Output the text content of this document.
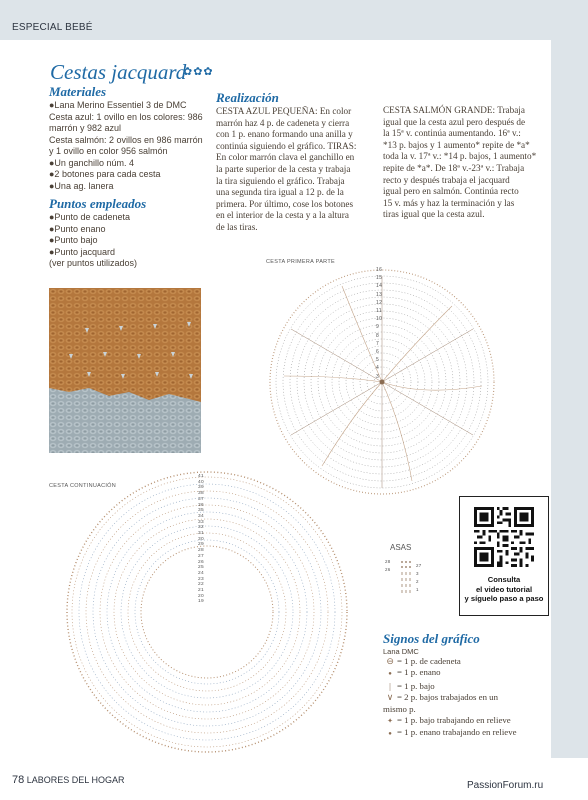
ESPECIAL BEBÉ
Cestas jacquard
✿✿✿
Materiales
●Lana Merino Essentiel 3 de DMC
Cesta azul: 1 ovillo en los colores: 986
marrón y 982 azul
Cesta salmón: 2 ovillos en 986 marrón
y 1 ovillo en color 956 salmón
●Un ganchillo núm. 4
●2 botones para cada cesta
●Una ag. lanera
Puntos empleados
●Punto de cadeneta
●Punto enano
●Punto bajo
●Punto jacquard
(ver puntos utilizados)
Realización
CESTA AZUL PEQUEÑA: En color
marrón haz 4 p. de cadeneta y cierra
con 1 p. enano formando una anilla y
continúa siguiendo el gráfico. TIRAS:
En color marrón clava el ganchillo en
la parte superior de la cesta y trabaja
la tira siguiendo el gráfico. Trabaja
una segunda tira igual a 12 p. de la
primera. Por último, cose los botones
en el interior de la cesta y a la altura
de las tiras.
CESTA SALMÓN GRANDE: Trabaja
igual que la cesta azul pero después de
la 15ª v. continúa aumentando. 16ª v.:
*13 p. bajos y 1 aumento* repite de *a*
toda la v. 17ª v.: *14 p. bajos, 1 aumento*
repite de *a*. De 18ª v.-23ª v.: Trabaja
recto y después trabaja el jacquard
igual pero en salmón. Continúa recto
15 v. más y haz la terminación y las
tiras igual que la cesta azul.
CESTA PRIMERA PARTE
16
15
14
13
12
11
10
9
8
7
6
5
4
3
CESTA CONTINUACIÓN
41
40
39
38
37
36
35
34
33
32
31
30
29
28
27
26
25
24
23
22
21
20
19
ASAS
28
26
27
3
2
1
Consulta
el video tutorial
y síguelo paso a paso
Signos del gráfico
Lana DMC
⊖ = 1 p. de cadeneta
● = 1 p. enano
| = 1 p. bajo
∨ = 2 p. bajos trabajados en un
mismo p.
✦ = 1 p. bajo trabajando en relieve
● = 1 p. enano trabajando en relieve
78 LABORES DEL HOGAR	PassionForum.ru
